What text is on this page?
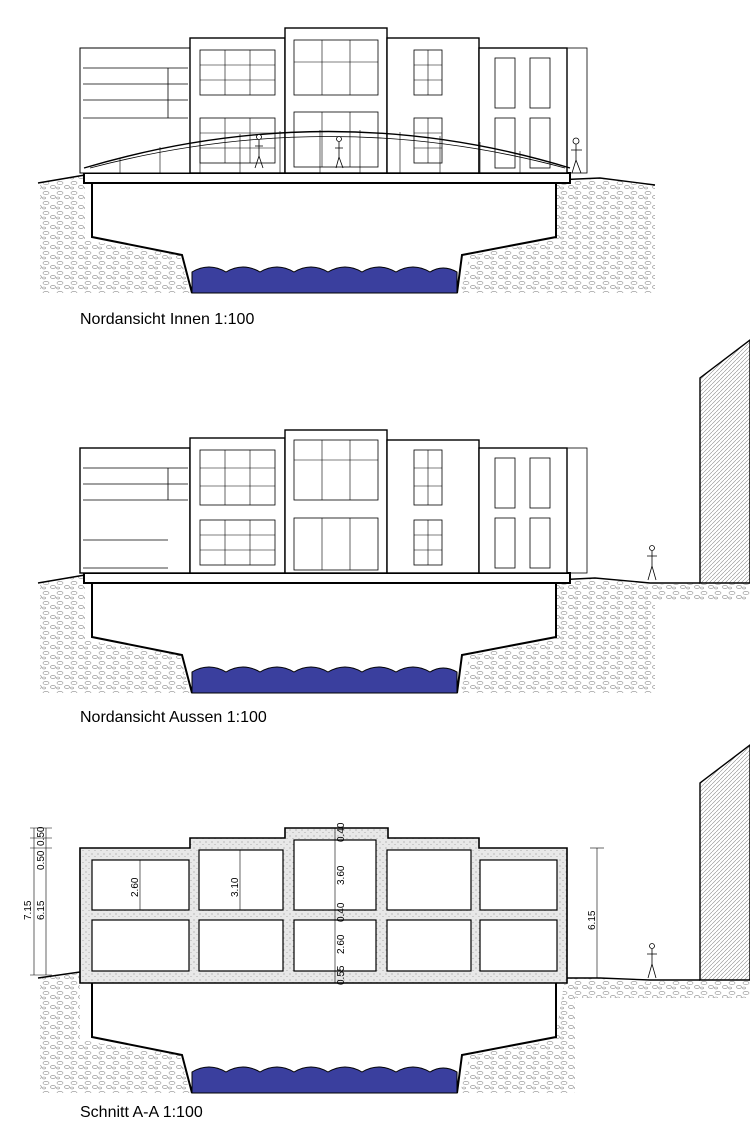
0.50
0.50
7.15 6.15
2.60	3.10
0.40
3.60
0.40
2.60
0.55
6.15
Nordansicht Innen 1:100
Nordansicht Aussen 1:100
Schnitt A-A 1:100
